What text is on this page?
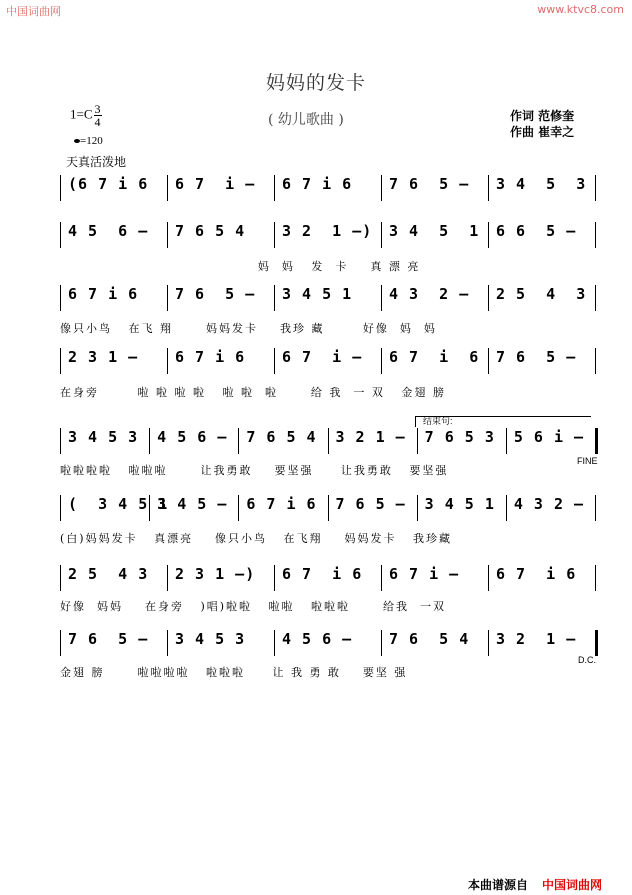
中国词曲网	www.ktvc8.com
妈妈的发卡
( 幼儿歌曲 )	作词 范修奎
作曲 崔幸之
$1=C \frac{3}{4}$
=120
天真活泼地
(6 7 i 6 6 7  i – 6 7 i 6 7 6  5 – 3 4  5  3
4 5  6 – 7 6 5 4 3 2  1 –) 3 4  5  1 6 6  5 –
妈  妈   发  卡    真 漂 亮
6 7 i 6 7 6  5 – 3 4 5 1 4 3  2 – 2 5  4  3
像只小鸟   在飞 翔      妈妈发卡    我珍 藏       好像  妈  妈
2 3 1 – 6 7 i 6 6 7  i – 6 7  i  6 7 6  5 –
在身旁       啦 啦 啦 啦   啦 啦  啦      给 我  一 双   金翅 膀
3 4 5 3 4 5 6 – 7 6 5 4 3 2 1 – 7 6 5 3 5 6 i –
啦啦啦啦   啦啦啦      让我勇敢    要坚强     让我勇敢   要坚强
(  3 4 5 1
3 4 5 – 6 7 i 6 7 6 5 – 3 4 5 1 4 3 2 –
(白)妈妈发卡   真漂亮    像只小鸟   在飞翔    妈妈发卡   我珍藏
2 5  4 3 2 3 1 –) 6 7  i 6 6 7 i – 6 7  i 6
好像  妈妈    在身旁   )唱)啦啦   啦啦   啦啦啦      给我  一双
7 6  5 – 3 4 5 3 4 5 6 – 7 6  5 4 3 2  1 –
金翅 膀      啦啦啦啦   啦啦啦     让 我 勇 敢    要坚 强
结束句:
FINE
D.C.
本曲谱源自 中国词曲网
